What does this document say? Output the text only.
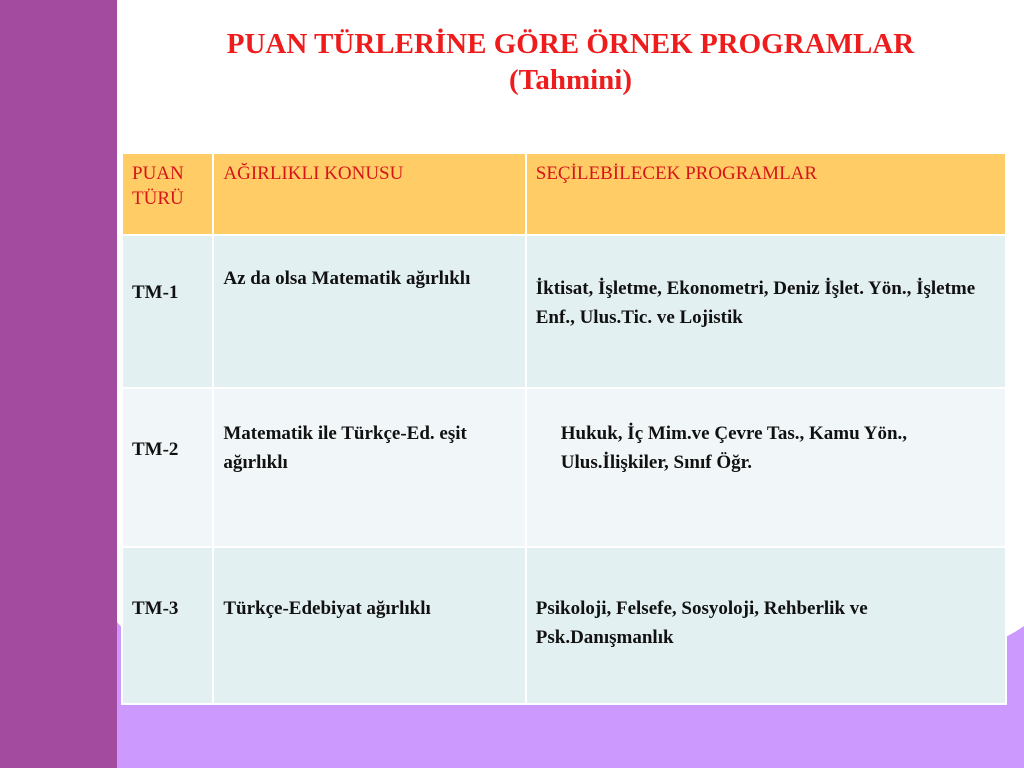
PUAN TÜRLERİNE GÖRE ÖRNEK PROGRAMLAR
(Tahmini)
PUAN TÜRÜ	AĞIRLIKLI KONUSU	SEÇİLEBİLECEK PROGRAMLAR
TM-1	Az da olsa Matematik ağırlıklı	İktisat, İşletme, Ekonometri, Deniz İşlet. Yön., İşletme Enf., Ulus.Tic. ve Lojistik
TM-2	Matematik ile Türkçe-Ed. eşit ağırlıklı	Hukuk, İç Mim.ve Çevre Tas., Kamu Yön., Ulus.İlişkiler, Sınıf Öğr.
TM-3	Türkçe-Edebiyat ağırlıklı	Psikoloji, Felsefe, Sosyoloji, Rehberlik ve Psk.Danışmanlık
